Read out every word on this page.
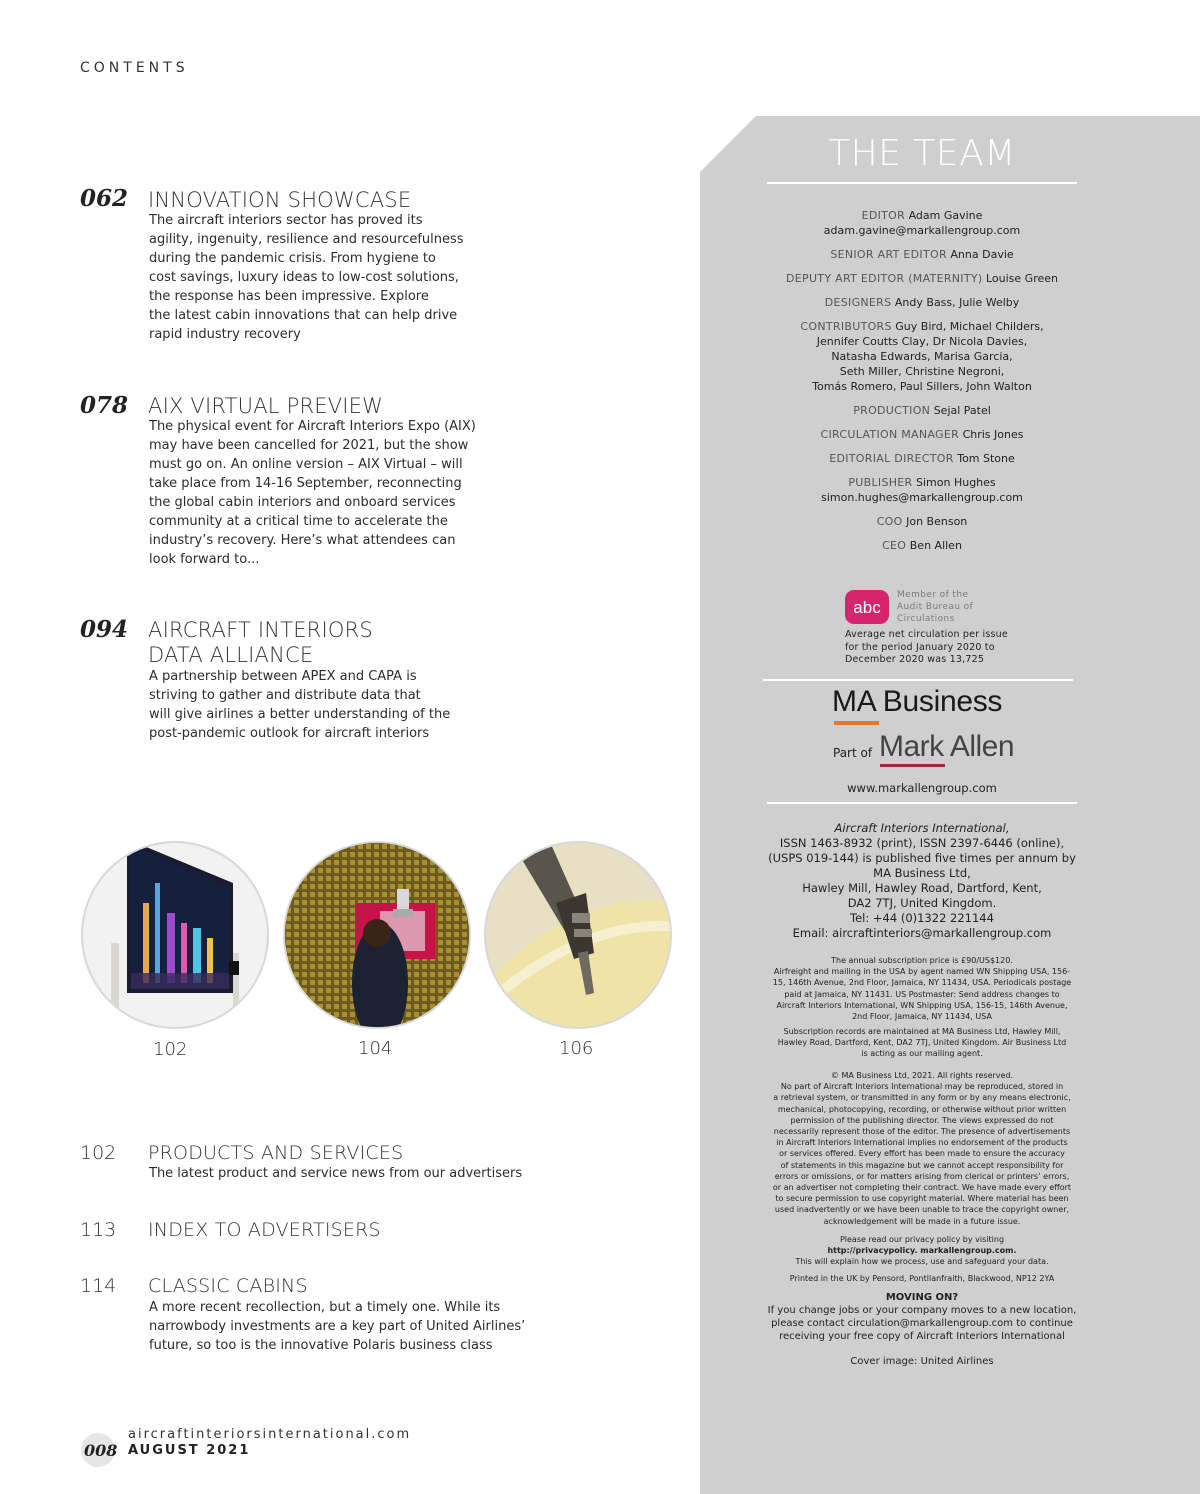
CONTENTS
062 INNOVATION SHOWCASE
The aircraft interiors sector has proved its
agility, ingenuity, resilience and resourcefulness
during the pandemic crisis. From hygiene to
cost savings, luxury ideas to low-cost solutions,
the response has been impressive. Explore
the latest cabin innovations that can help drive
rapid industry recovery
078 AIX VIRTUAL PREVIEW
The physical event for Aircraft Interiors Expo (AIX)
may have been cancelled for 2021, but the show
must go on. An online version – AIX Virtual – will
take place from 14-16 September, reconnecting
the global cabin interiors and onboard services
community at a critical time to accelerate the
industry’s recovery. Here’s what attendees can
look forward to...
094 AIRCRAFT INTERIORS
DATA ALLIANCE
A partnership between APEX and CAPA is
striving to gather and distribute data that
will give airlines a better understanding of the
post-pandemic outlook for aircraft interiors
102	104	106
102 PRODUCTS AND SERVICES
The latest product and service news from our advertisers
113 INDEX TO ADVERTISERS
114 CLASSIC CABINS
A more recent recollection, but a timely one. While its
narrowbody investments are a key part of United Airlines’
future, so too is the innovative Polaris business class
008
aircraftinteriorsinternational.com
AUGUST 2021
THE TEAM
EDITOR Adam Gavine
adam.gavine@markallengroup.com
SENIOR ART EDITOR Anna Davie
DEPUTY ART EDITOR (MATERNITY) Louise Green
DESIGNERS Andy Bass, Julie Welby
CONTRIBUTORS Guy Bird, Michael Childers,
Jennifer Coutts Clay, Dr Nicola Davies,
Natasha Edwards, Marisa Garcia,
Seth Miller, Christine Negroni,
Tomás Romero, Paul Sillers, John Walton
PRODUCTION Sejal Patel
CIRCULATION MANAGER Chris Jones
EDITORIAL DIRECTOR Tom Stone
PUBLISHER Simon Hughes
simon.hughes@markallengroup.com
COO Jon Benson
CEO Ben Allen
abc
Member of the
Audit Bureau of
Circulations
Average net circulation per issue
for the period January 2020 to
December 2020 was 13,725
MA Business
Part of Mark Allen
www.markallengroup.com
Aircraft Interiors International,
ISSN 1463-8932 (print), ISSN 2397-6446 (online),
(USPS 019-144) is published five times per annum by
MA Business Ltd,
Hawley Mill, Hawley Road, Dartford, Kent,
DA2 7TJ, United Kingdom.
Tel: +44 (0)1322 221144
Email: aircraftinteriors@markallengroup.com
The annual subscription price is £90/US$120.
Airfreight and mailing in the USA by agent named WN Shipping USA, 156-
15, 146th Avenue, 2nd Floor, Jamaica, NY 11434, USA. Periodicals postage
paid at Jamaica, NY 11431. US Postmaster: Send address changes to
Aircraft Interiors International, WN Shipping USA, 156-15, 146th Avenue,
2nd Floor, Jamaica, NY 11434, USA
Subscription records are maintained at MA Business Ltd, Hawley Mill,
Hawley Road, Dartford, Kent, DA2 7TJ, United Kingdom. Air Business Ltd
is acting as our mailing agent.
© MA Business Ltd, 2021. All rights reserved.
No part of Aircraft Interiors International may be reproduced, stored in
a retrieval system, or transmitted in any form or by any means electronic,
mechanical, photocopying, recording, or otherwise without prior written
permission of the publishing director. The views expressed do not
necessarily represent those of the editor. The presence of advertisements
in Aircraft Interiors International implies no endorsement of the products
or services offered. Every effort has been made to ensure the accuracy
of statements in this magazine but we cannot accept responsibility for
errors or omissions, or for matters arising from clerical or printers’ errors,
or an advertiser not completing their contract. We have made every effort
to secure permission to use copyright material. Where material has been
used inadvertently or we have been unable to trace the copyright owner,
acknowledgement will be made in a future issue.
Please read our privacy policy by visiting
http://privacypolicy. markallengroup.com.
This will explain how we process, use and safeguard your data.
Printed in the UK by Pensord, Pontllanfraith, Blackwood, NP12 2YA
MOVING ON?
If you change jobs or your company moves to a new location,
please contact circulation@markallengroup.com to continue
receiving your free copy of Aircraft Interiors International
Cover image: United Airlines
